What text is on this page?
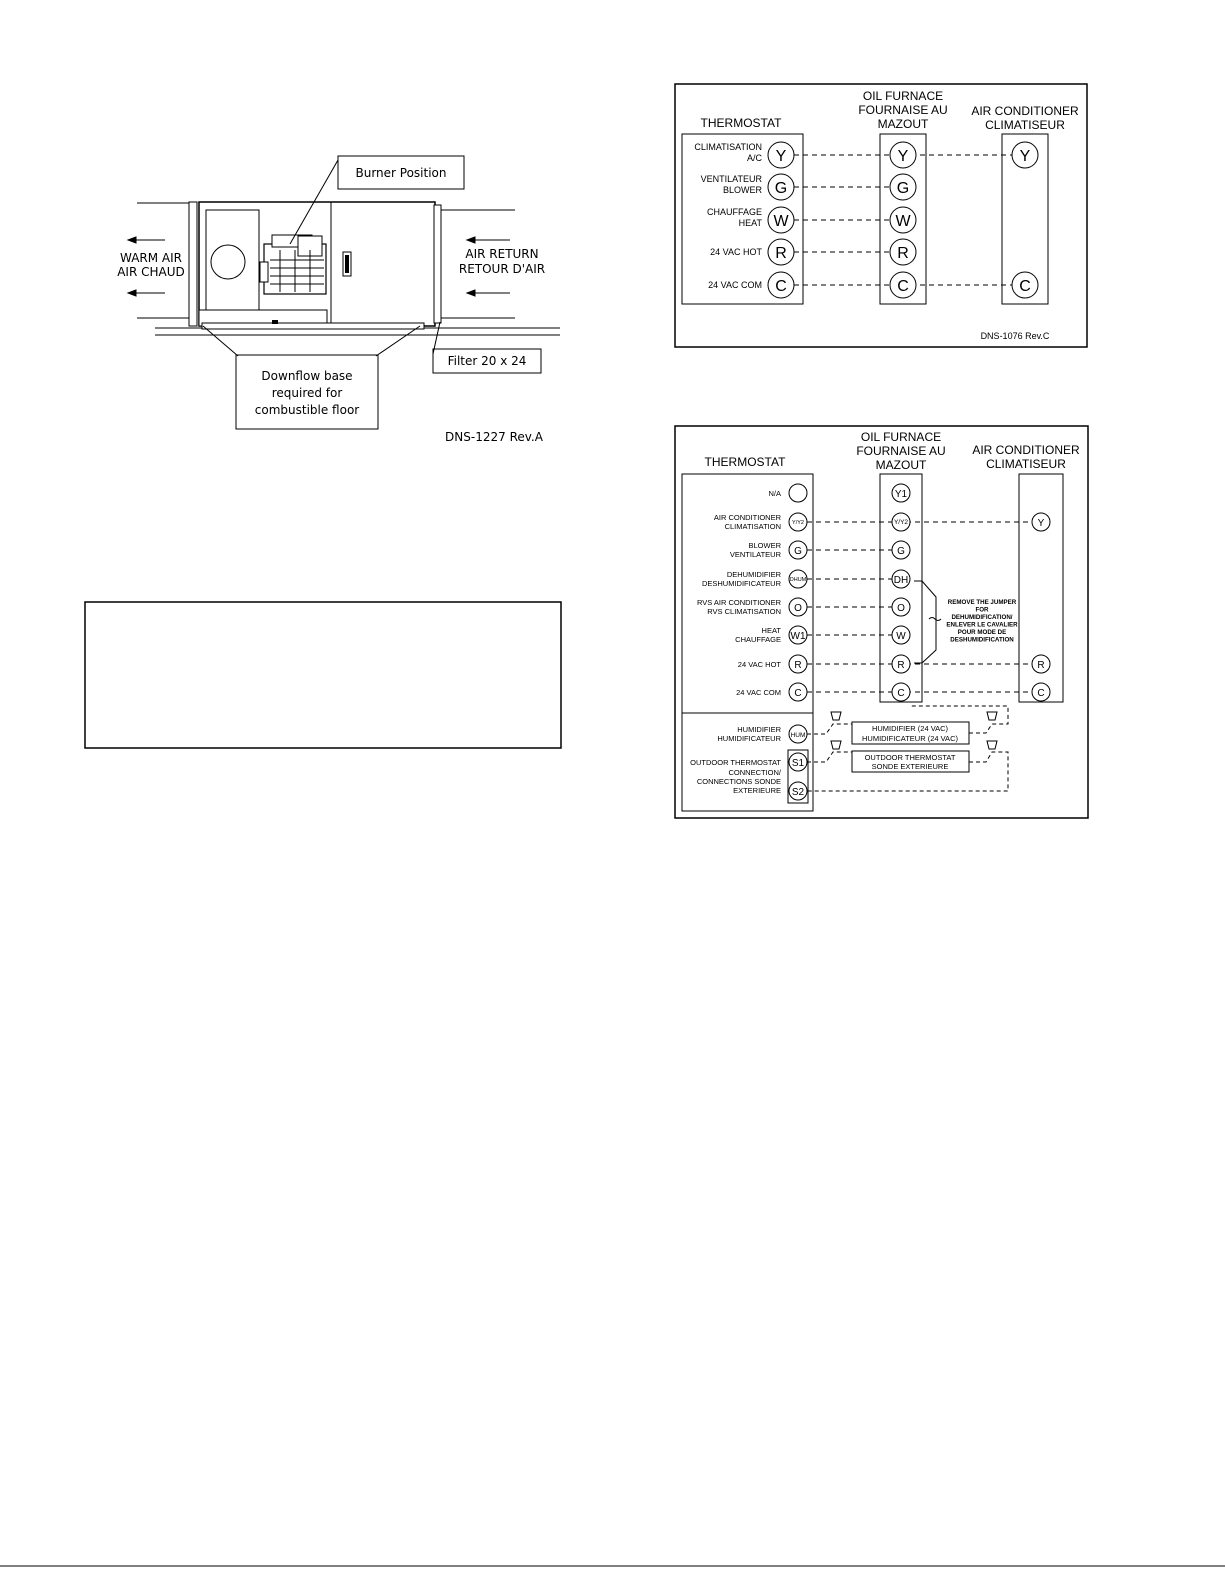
WARM AIR
AIR CHAUD
AIR RETURN
RETOUR D'AIR
Burner Position
Downflow base
required for
combustible floor
Filter 20 x 24
DNS-1227 Rev.A
THERMOSTAT
OIL FURNACE
FOURNAISE AU
MAZOUT
AIR CONDITIONER
CLIMATISEUR
CLIMATISATION
A/C Y	Y	Y
VENTILATEUR
BLOWER G	G
CHAUFFAGE
HEAT W	W
24 VAC HOT R	R
24 VAC COM C	C	C
DNS-1076 Rev.C
THERMOSTAT
OIL FURNACE
FOURNAISE AU
MAZOUT
AIR CONDITIONER
CLIMATISEUR
N/A	Y1
AIR CONDITIONER
CLIMATISATION Y/Y2	Y/Y2	Y
BLOWER
VENTILATEUR G	G
DEHUMIDIFIER
DESHUMIDIFICATEUR DHUM	DH
RVS AIR CONDITIONER
RVS CLIMATISATION O	O
HEAT
CHAUFFAGE W1	W
24 VAC HOT R	R	R
24 VAC COM C	C	C
REMOVE THE JUMPER
FOR
DEHUMIDIFICATION/
ENLEVER LE CAVALIER
POUR MODE DE
DESHUMIDIFICATION
HUMIDIFIER
HUMIDIFICATEUR HUM
HUMIDIFIER (24 VAC)
HUMIDIFICATEUR (24 VAC)
OUTDOOR THERMOSTAT
CONNECTION/
CONNECTIONS SONDE
EXTERIEURE
S1
S2
OUTDOOR THERMOSTAT
SONDE EXTERIEURE
